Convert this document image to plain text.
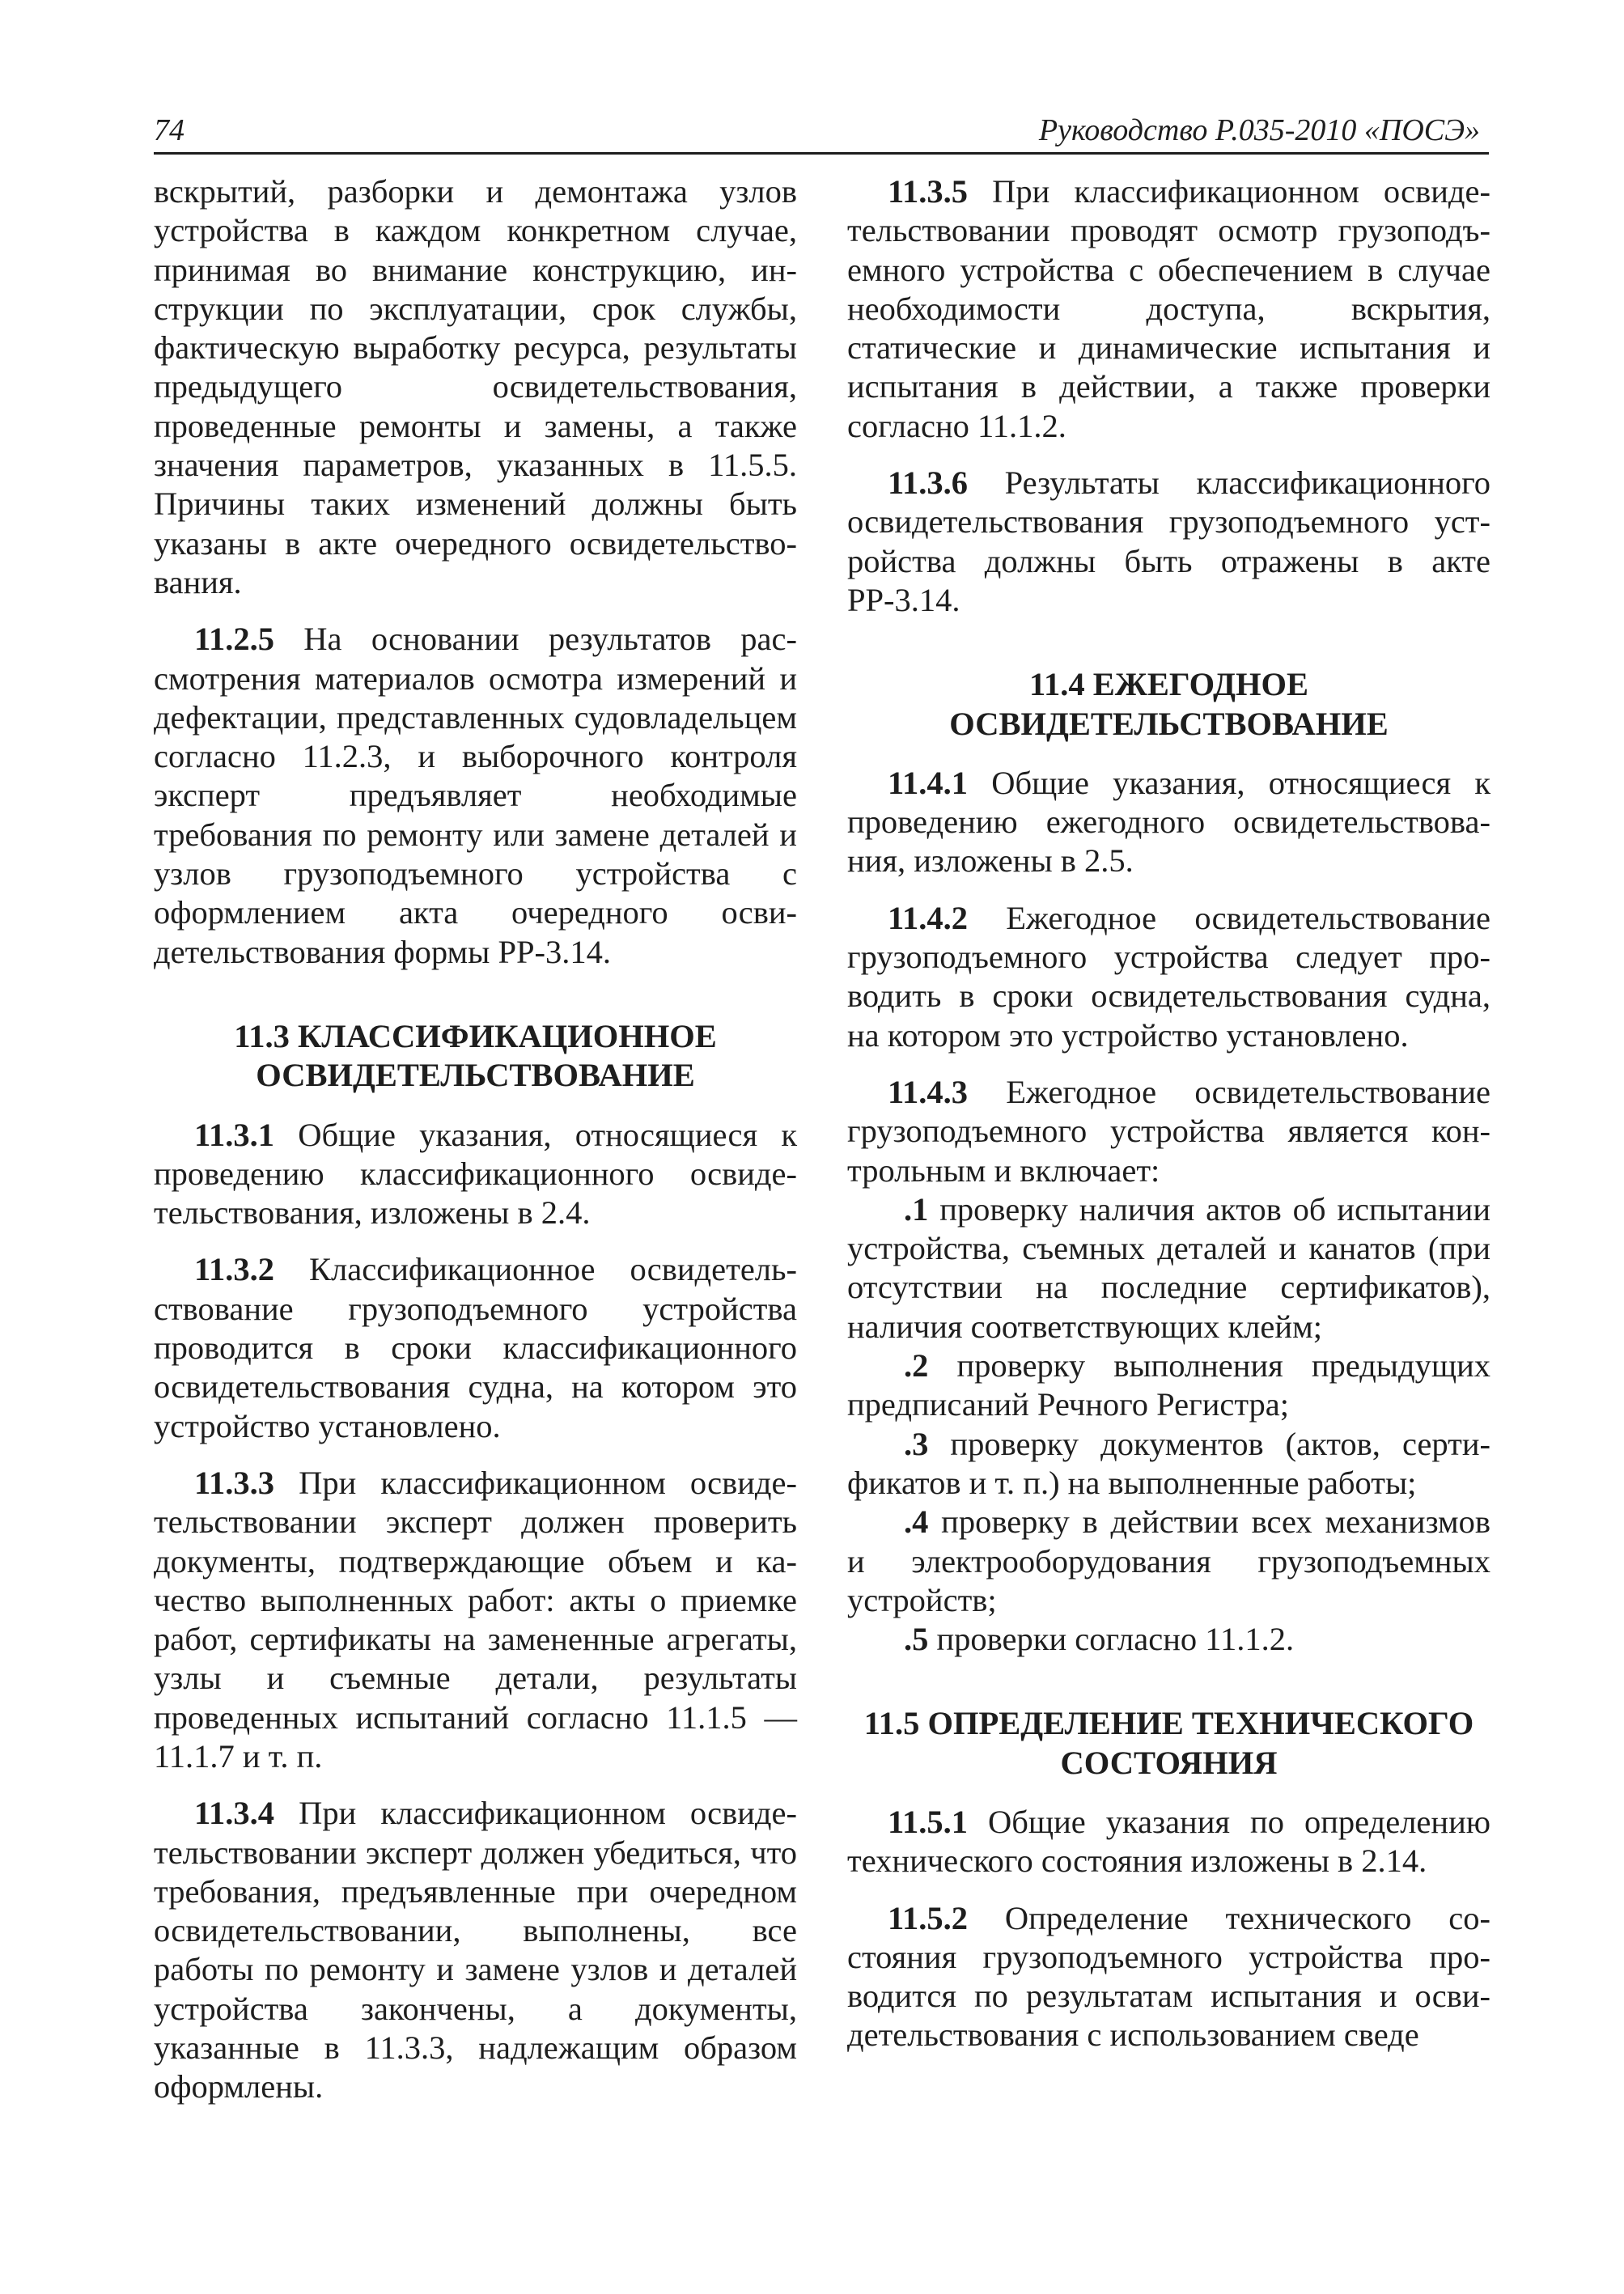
74	Руководство Р.035-2010 «ПОСЭ»

вскрытий, разборки и демонтажа узлов устройства в каждом конкретном случае, принимая во внимание конструкцию, инструкции по эксплуатации, срок службы, фактическую выработку ресурса, результаты предыдущего освидетельствования, проведенные ремонты и замены, а также значения параметров, указанных в 11.5.5. Причины таких изменений должны быть указаны в акте очередного освидетельствования.

11.2.5 На основании результатов рассмотрения материалов осмотра измерений и дефектации, представленных судовладельцем согласно 11.2.3, и выборочного контроля эксперт предъявляет необходимые требования по ремонту или замене деталей и узлов грузоподъемного устройства с оформлением акта очередного освидетельствования формы РР-3.14.

11.3 КЛАССИФИКАЦИОННОЕ
ОСВИДЕТЕЛЬСТВОВАНИЕ

11.3.1 Общие указания, относящиеся к проведению классификационного освидетельствования, изложены в 2.4.

11.3.2 Классификационное освидетельствование грузоподъемного устройства проводится в сроки классификационного освидетельствования судна, на котором это устройство установлено.

11.3.3 При классификационном освидетельствовании эксперт должен проверить документы, подтверждающие объем и качество выполненных работ: акты о приемке работ, сертификаты на замененные агрегаты, узлы и съемные детали, результаты проведенных испытаний согласно 11.1.5 — 11.1.7 и т. п.

11.3.4 При классификационном освидетельствовании эксперт должен убедиться, что требования, предъявленные при очередном освидетельствовании, выполнены, все работы по ремонту и замене узлов и деталей устройства закончены, а документы, указанные в 11.3.3, надлежащим образом оформлены.

11.3.5 При классификационном освидетельствовании проводят осмотр грузоподъемного устройства с обеспечением в случае необходимости доступа, вскрытия, статические и динамические испытания и испытания в действии, а также проверки согласно 11.1.2.

11.3.6 Результаты классификационного освидетельствования грузоподъемного устройства должны быть отражены в акте РР-3.14.

11.4 ЕЖЕГОДНОЕ
ОСВИДЕТЕЛЬСТВОВАНИЕ

11.4.1 Общие указания, относящиеся к проведению ежегодного освидетельствования, изложены в 2.5.

11.4.2 Ежегодное освидетельствование грузоподъемного устройства следует проводить в сроки освидетельствования судна, на котором это устройство установлено.

11.4.3 Ежегодное освидетельствование грузоподъемного устройства является контрольным и включает:

.1 проверку наличия актов об испытании устройства, съемных деталей и канатов (при отсутствии на последние сертификатов), наличия соответствующих клейм;

.2 проверку выполнения предыдущих предписаний Речного Регистра;

.3 проверку документов (актов, сертификатов и т. п.) на выполненные работы;

.4 проверку в действии всех механизмов и электрооборудования грузоподъемных устройств;

.5 проверки согласно 11.1.2.

11.5 ОПРЕДЕЛЕНИЕ ТЕХНИЧЕСКОГО
СОСТОЯНИЯ

11.5.1 Общие указания по определению технического состояния изложены в 2.14.

11.5.2 Определение технического состояния грузоподъемного устройства проводится по результатам испытания и освидетельствования с использованием сведе
